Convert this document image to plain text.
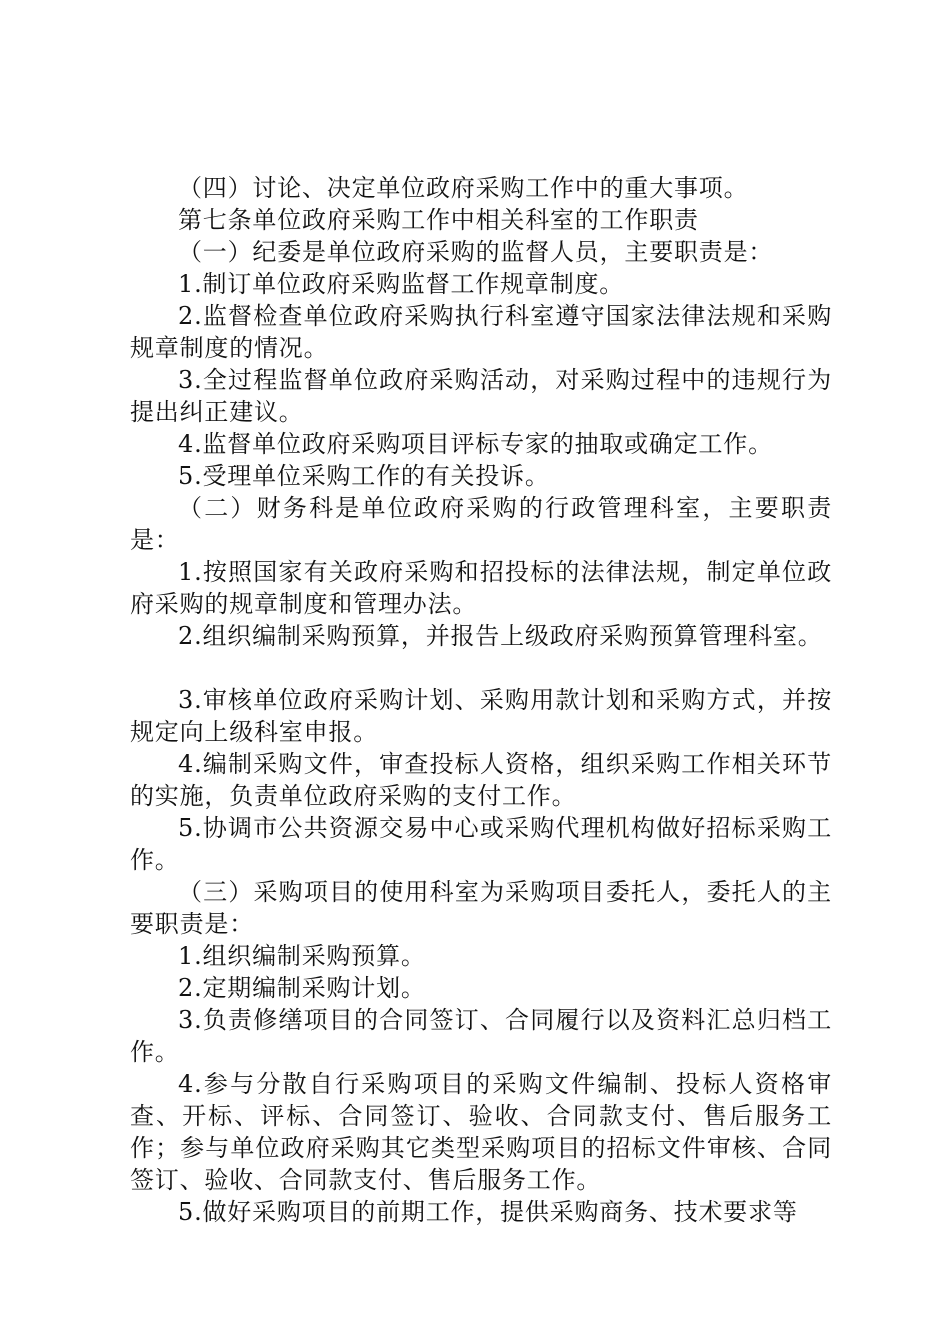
（四）讨论、决定单位政府采购工作中的重大事项。

第七条单位政府采购工作中相关科室的工作职责

（一）纪委是单位政府采购的监督人员，主要职责是：

1.制订单位政府采购监督工作规章制度。

2.监督检查单位政府采购执行科室遵守国家法律法规和采购规章制度的情况。

3.全过程监督单位政府采购活动，对采购过程中的违规行为提出纠正建议。

4.监督单位政府采购项目评标专家的抽取或确定工作。

5.受理单位采购工作的有关投诉。

（二）财务科是单位政府采购的行政管理科室，主要职责是：

1.按照国家有关政府采购和招投标的法律法规，制定单位政府采购的规章制度和管理办法。

2.组织编制采购预算，并报告上级政府采购预算管理科室。

3.审核单位政府采购计划、采购用款计划和采购方式，并按规定向上级科室申报。

4.编制采购文件，审查投标人资格，组织采购工作相关环节的实施，负责单位政府采购的支付工作。

5.协调市公共资源交易中心或采购代理机构做好招标采购工作。

（三）采购项目的使用科室为采购项目委托人，委托人的主要职责是：

1.组织编制采购预算。

2.定期编制采购计划。

3.负责修缮项目的合同签订、合同履行以及资料汇总归档工作。

4.参与分散自行采购项目的采购文件编制、投标人资格审查、开标、评标、合同签订、验收、合同款支付、售后服务工作；参与单位政府采购其它类型采购项目的招标文件审核、合同签订、验收、合同款支付、售后服务工作。

5.做好采购项目的前期工作，提供采购商务、技术要求等
